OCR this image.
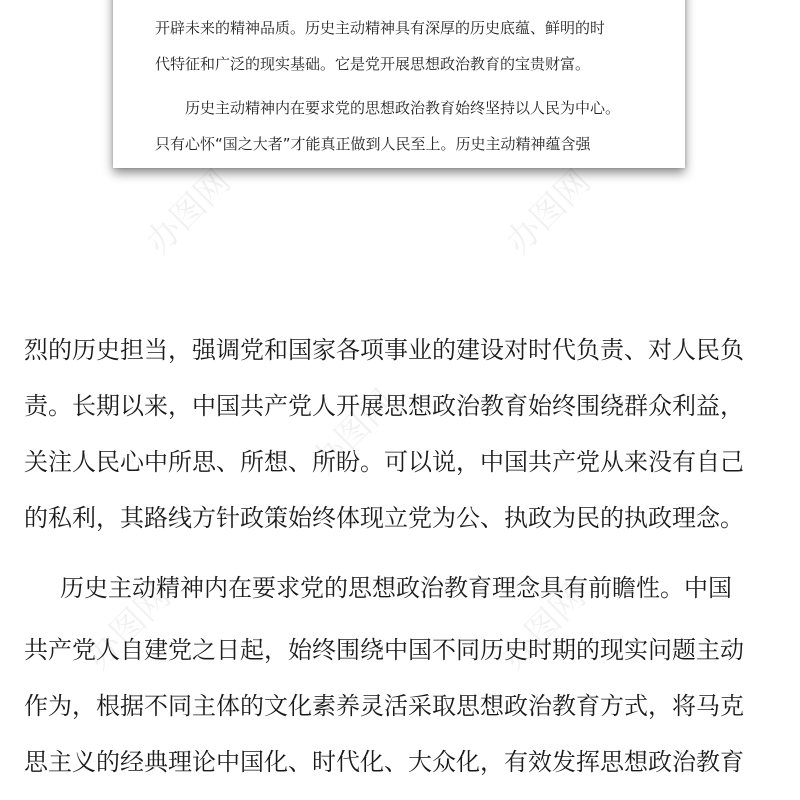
办图网	办图网
办图网
办图网	办图网
开辟未来的精神品质。历史主动精神具有深厚的历史底蕴、鲜明的时
代特征和广泛的现实基础。它是党开展思想政治教育的宝贵财富。
历史主动精神内在要求党的思想政治教育始终坚持以人民为中心。
只有心怀“国之大者”才能真正做到人民至上。历史主动精神蕴含强
烈的历史担当，强调党和国家各项事业的建设对时代负责、对人民负
责。长期以来，中国共产党人开展思想政治教育始终围绕群众利益，
关注人民心中所思、所想、所盼。可以说，中国共产党从来没有自己
的私利，其路线方针政策始终体现立党为公、执政为民的执政理念。
历史主动精神内在要求党的思想政治教育理念具有前瞻性。中国
共产党人自建党之日起，始终围绕中国不同历史时期的现实问题主动
作为，根据不同主体的文化素养灵活采取思想政治教育方式，将马克
思主义的经典理论中国化、时代化、大众化，有效发挥思想政治教育
